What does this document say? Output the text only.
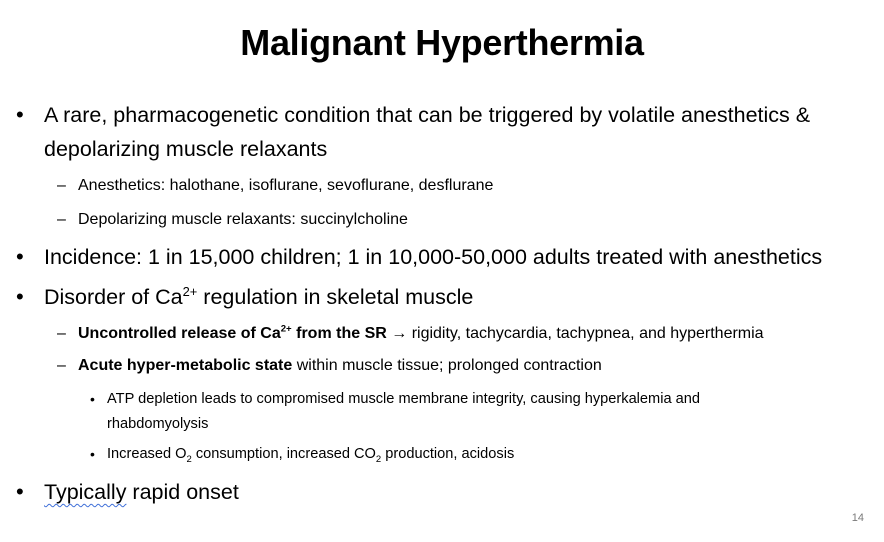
Malignant Hyperthermia
• A rare, pharmacogenetic condition that can be triggered by volatile anesthetics &
depolarizing muscle relaxants
– Anesthetics: halothane, isoflurane, sevoflurane, desflurane
– Depolarizing muscle relaxants: succinylcholine
• Incidence: 1 in 15,000 children; 1 in 10,000-50,000 adults treated with anesthetics
• Disorder of $Ca^{2+}$ regulation in skeletal muscle
– Uncontrolled release of $Ca^{2+}$ from the SR → rigidity, tachycardia, tachypnea, and hyperthermia
– Acute hyper-metabolic state within muscle tissue; prolonged contraction
• ATP depletion leads to compromised muscle membrane integrity, causing hyperkalemia and
rhabdomyolysis
• Increased $O_2$ consumption, increased $CO_2$ production, acidosis
• Typically rapid onset
14
